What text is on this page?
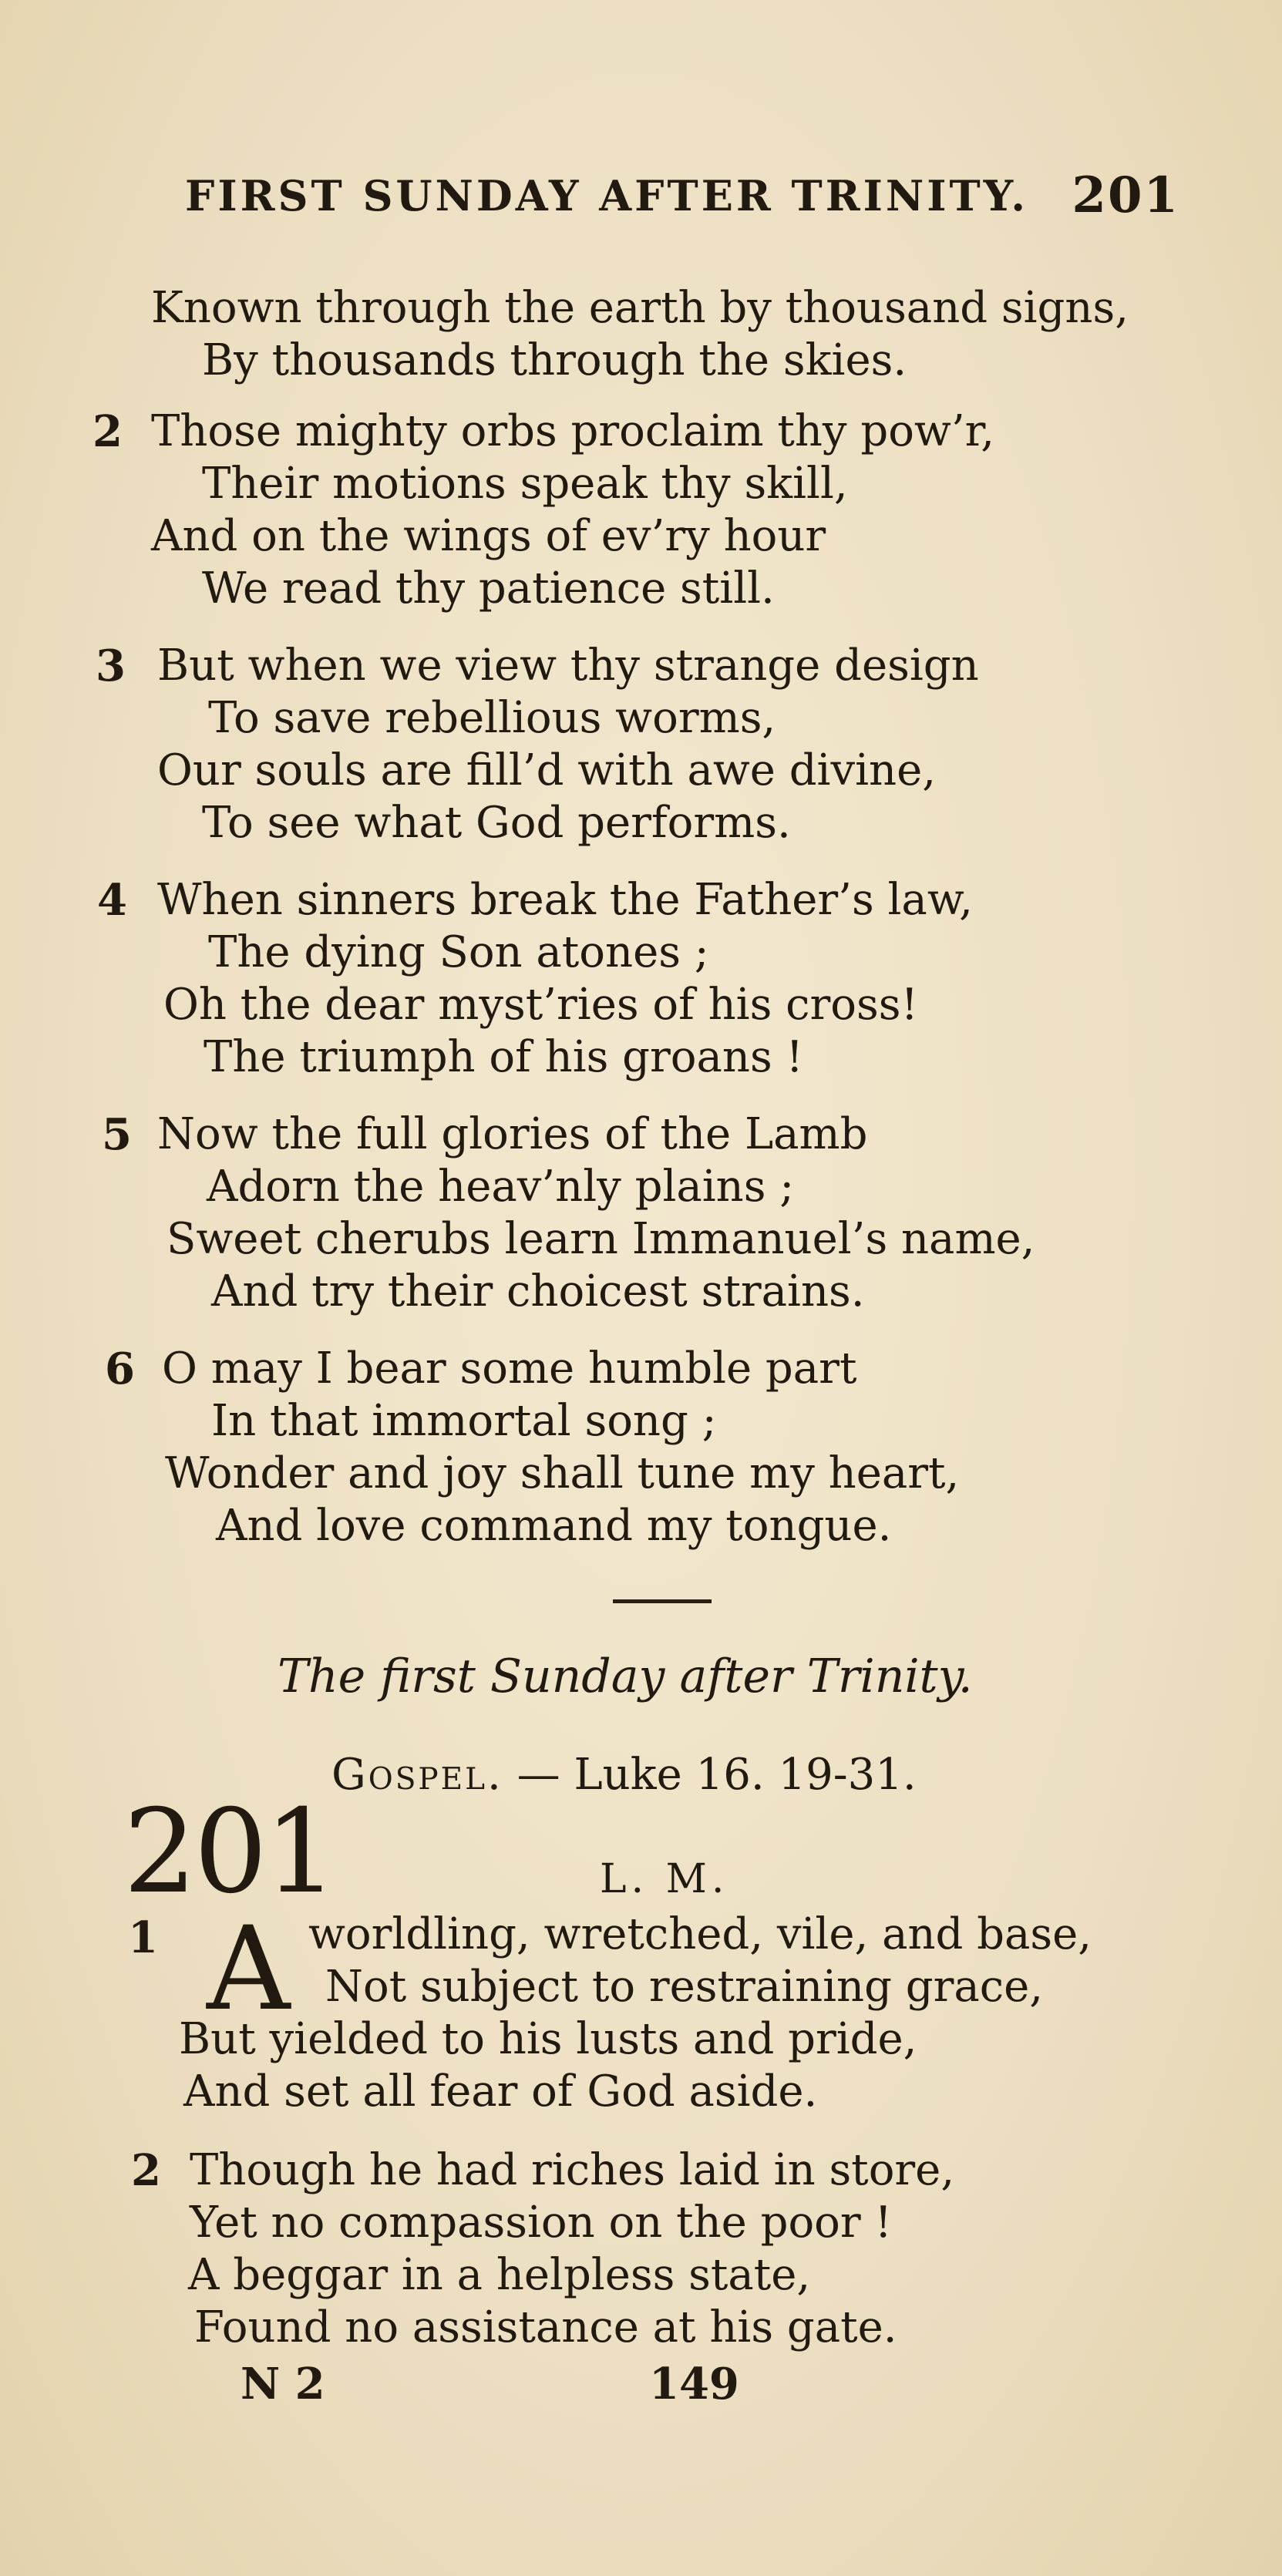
FIRST SUNDAY AFTER TRINITY. 201
Known through the earth by thousand signs,
By thousands through the skies.
2 Those mighty orbs proclaim thy pow’r,
Their motions speak thy skill,
And on the wings of ev’ry hour
We read thy patience still.
3 But when we view thy strange design
To save rebellious worms,
Our souls are fill’d with awe divine,
To see what God performs.
4 When sinners break the Father’s law,
The dying Son atones ;
Oh the dear myst’ries of his cross!
The triumph of his groans !
5 Now the full glories of the Lamb
Adorn the heav’nly plains ;
Sweet cherubs learn Immanuel’s name,
And try their choicest strains.
6 O may I bear some humble part
In that immortal song ;
Wonder and joy shall tune my heart,
And love command my tongue.
The first Sunday after Trinity.
Gospel. — Luke 16. 19-31.
201	L. M.
1 A worldling, wretched, vile, and base,
Not subject to restraining grace,
But yielded to his lusts and pride,
And set all fear of God aside.
2 Though he had riches laid in store,
Yet no compassion on the poor !
A beggar in a helpless state,
Found no assistance at his gate.
N 2	149
